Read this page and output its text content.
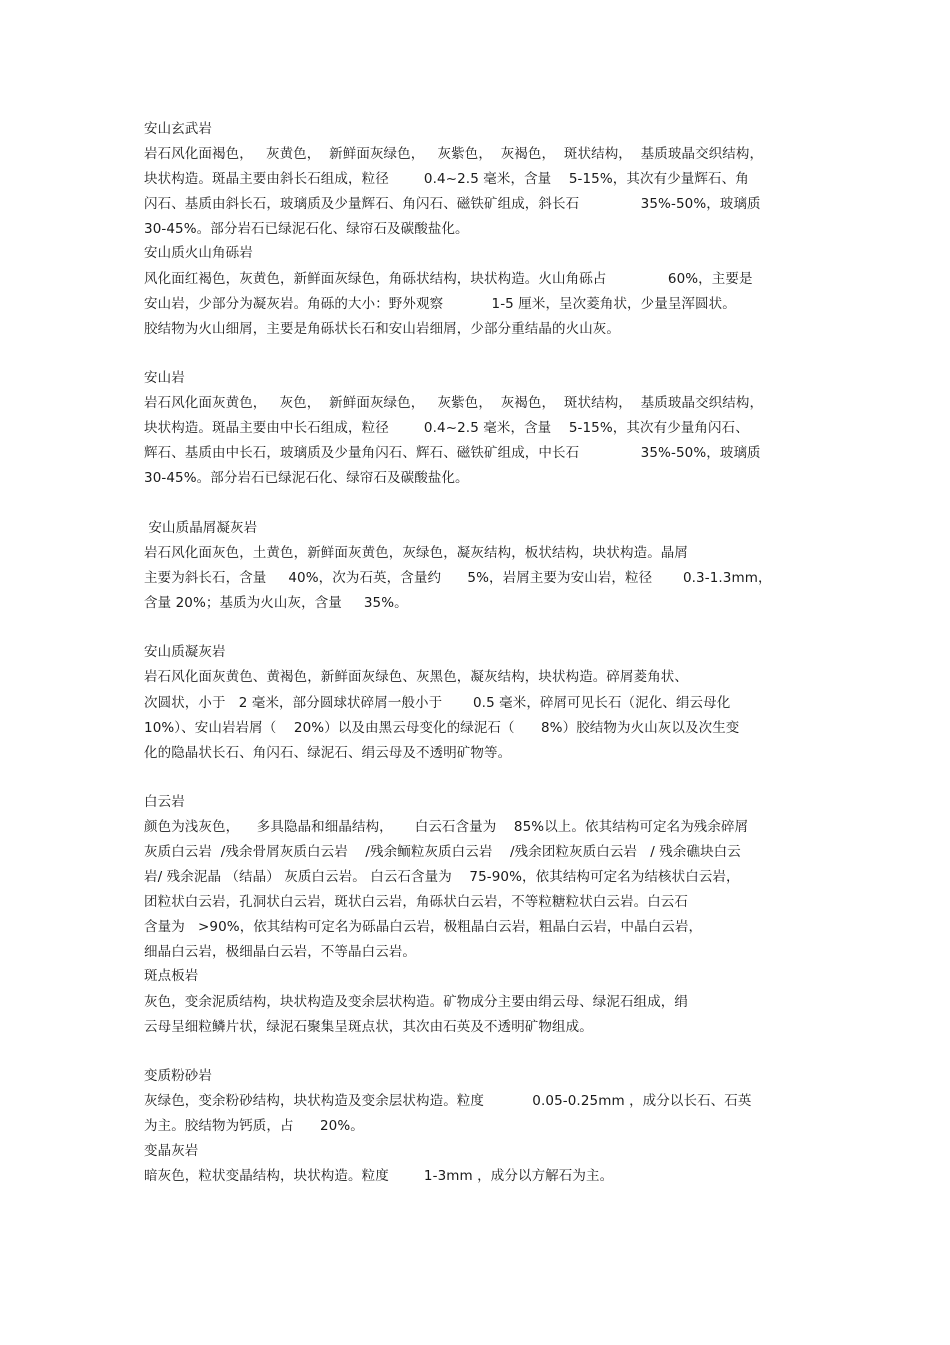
安山玄武岩
岩石风化面褐色，   灰黄色，  新鲜面灰绿色，   灰紫色，  灰褐色，  斑状结构，  基质玻晶交织结构，
块状构造。斑晶主要由斜长石组成，粒径        0.4~2.5 毫米，含量    5-15%，其次有少量辉石、角
闪石、基质由斜长石，玻璃质及少量辉石、角闪石、磁铁矿组成，斜长石              35%-50%，玻璃质
30-45%。部分岩石已绿泥石化、绿帘石及碳酸盐化。
安山质火山角砾岩
风化面红褐色，灰黄色，新鲜面灰绿色，角砾状结构，块状构造。火山角砾占              60%，主要是
安山岩，少部分为凝灰岩。角砾的大小：野外观察           1-5 厘米，呈次菱角状，少量呈浑圆状。
胶结物为火山细屑，主要是角砾状长石和安山岩细屑，少部分重结晶的火山灰。
安山岩
岩石风化面灰黄色，   灰色，  新鲜面灰绿色，   灰紫色，  灰褐色，  斑状结构，  基质玻晶交织结构，
块状构造。斑晶主要由中长石组成，粒径        0.4~2.5 毫米，含量    5-15%，其次有少量角闪石、
辉石、基质由中长石，玻璃质及少量角闪石、辉石、磁铁矿组成，中长石              35%-50%，玻璃质
30-45%。部分岩石已绿泥石化、绿帘石及碳酸盐化。
安山质晶屑凝灰岩
岩石风化面灰色，土黄色，新鲜面灰黄色，灰绿色，凝灰结构，板状结构，块状构造。晶屑
主要为斜长石，含量     40%，次为石英，含量约      5%，岩屑主要为安山岩，粒径       0.3-1.3mm，
含量 20%；基质为火山灰，含量     35%。
安山质凝灰岩
岩石风化面灰黄色、黄褐色，新鲜面灰绿色、灰黑色，凝灰结构，块状构造。碎屑菱角状、
次圆状，小于   2 毫米，部分圆球状碎屑一般小于       0.5 毫米，碎屑可见长石（泥化、绢云母化
10%）、安山岩岩屑（    20%）以及由黑云母变化的绿泥石（      8%）胶结物为火山灰以及次生变
化的隐晶状长石、角闪石、绿泥石、绢云母及不透明矿物等。
白云岩
颜色为浅灰色，    多具隐晶和细晶结构，     白云石含量为    85%以上。依其结构可定名为残余碎屑
灰质白云岩  /残余骨屑灰质白云岩    /残余鲕粒灰质白云岩    /残余团粒灰质白云岩   / 残余礁块白云
岩/ 残余泥晶 （结晶） 灰质白云岩。 白云石含量为    75-90%，依其结构可定名为结核状白云岩，
团粒状白云岩，孔洞状白云岩，斑状白云岩，角砾状白云岩，不等粒糖粒状白云岩。白云石
含量为   >90%，依其结构可定名为砾晶白云岩，极粗晶白云岩，粗晶白云岩，中晶白云岩，
细晶白云岩，极细晶白云岩，不等晶白云岩。
斑点板岩
灰色，变余泥质结构，块状构造及变余层状构造。矿物成分主要由绢云母、绿泥石组成，绢
云母呈细粒鳞片状，绿泥石聚集呈斑点状，其次由石英及不透明矿物组成。
变质粉砂岩
灰绿色，变余粉砂结构，块状构造及变余层状构造。粒度           0.05-0.25mm ，成分以长石、石英
为主。胶结物为钙质，占      20%。
变晶灰岩
暗灰色，粒状变晶结构，块状构造。粒度        1-3mm ，成分以方解石为主。
